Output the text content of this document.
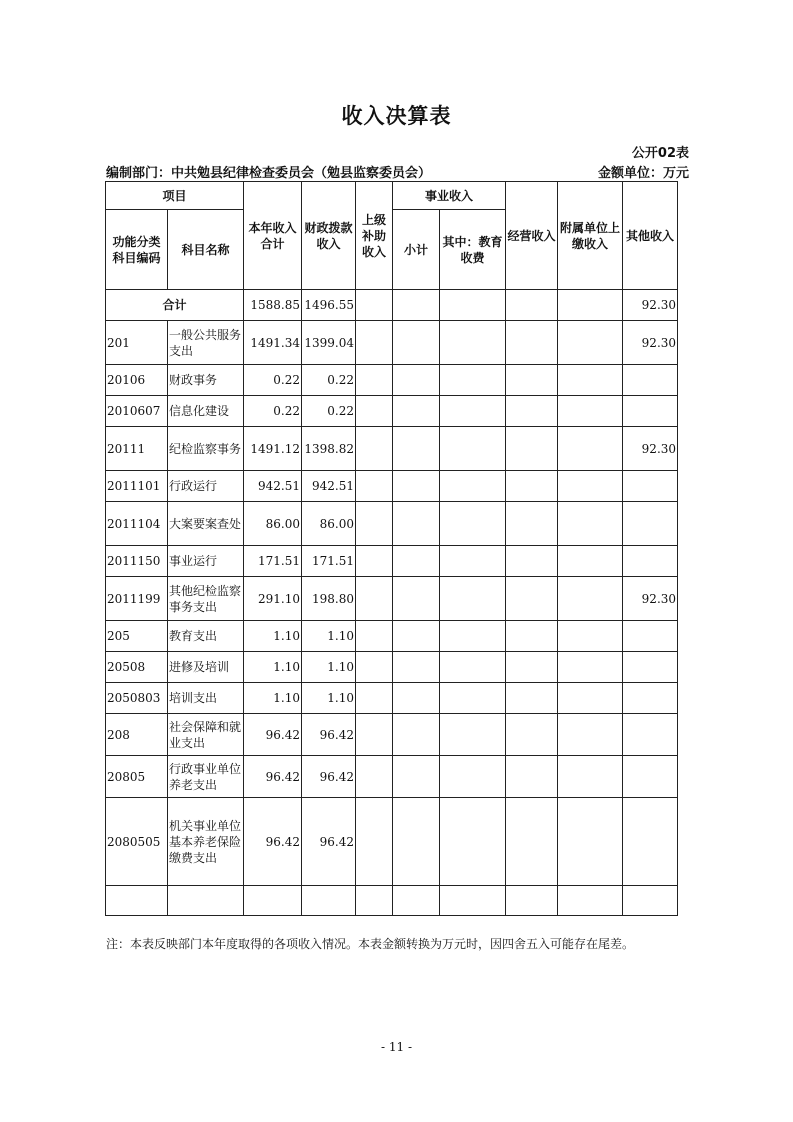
收入决算表
公开02表
编制部门：中共勉县纪律检查委员会（勉县监察委员会）	金额单位：万元
项目		本年收入合计	财政拨款收入	上级补助收入	事业收入		经营收入	附属单位上缴收入	其他收入
功能分类科目编码	科目名称				小计	其中：教育收费			
合计		1588.85	1496.55						92.30
201	一般公共服务支出	1491.34	1399.04						92.30
20106	财政事务	0.22	0.22						
2010607	信息化建设	0.22	0.22						
20111	纪检监察事务	1491.12	1398.82						92.30
2011101	行政运行	942.51	942.51						
2011104	大案要案查处	86.00	86.00						
2011150	事业运行	171.51	171.51						
2011199	其他纪检监察事务支出	291.10	198.80						92.30
205	教育支出	1.10	1.10						
20508	进修及培训	1.10	1.10						
2050803	培训支出	1.10	1.10						
208	社会保障和就业支出	96.42	96.42						
20805	行政事业单位养老支出	96.42	96.42						
2080505	机关事业单位基本养老保险缴费支出	96.42	96.42						

注：本表反映部门本年度取得的各项收入情况。本表金额转换为万元时，因四舍五入可能存在尾差。
- 11 -
